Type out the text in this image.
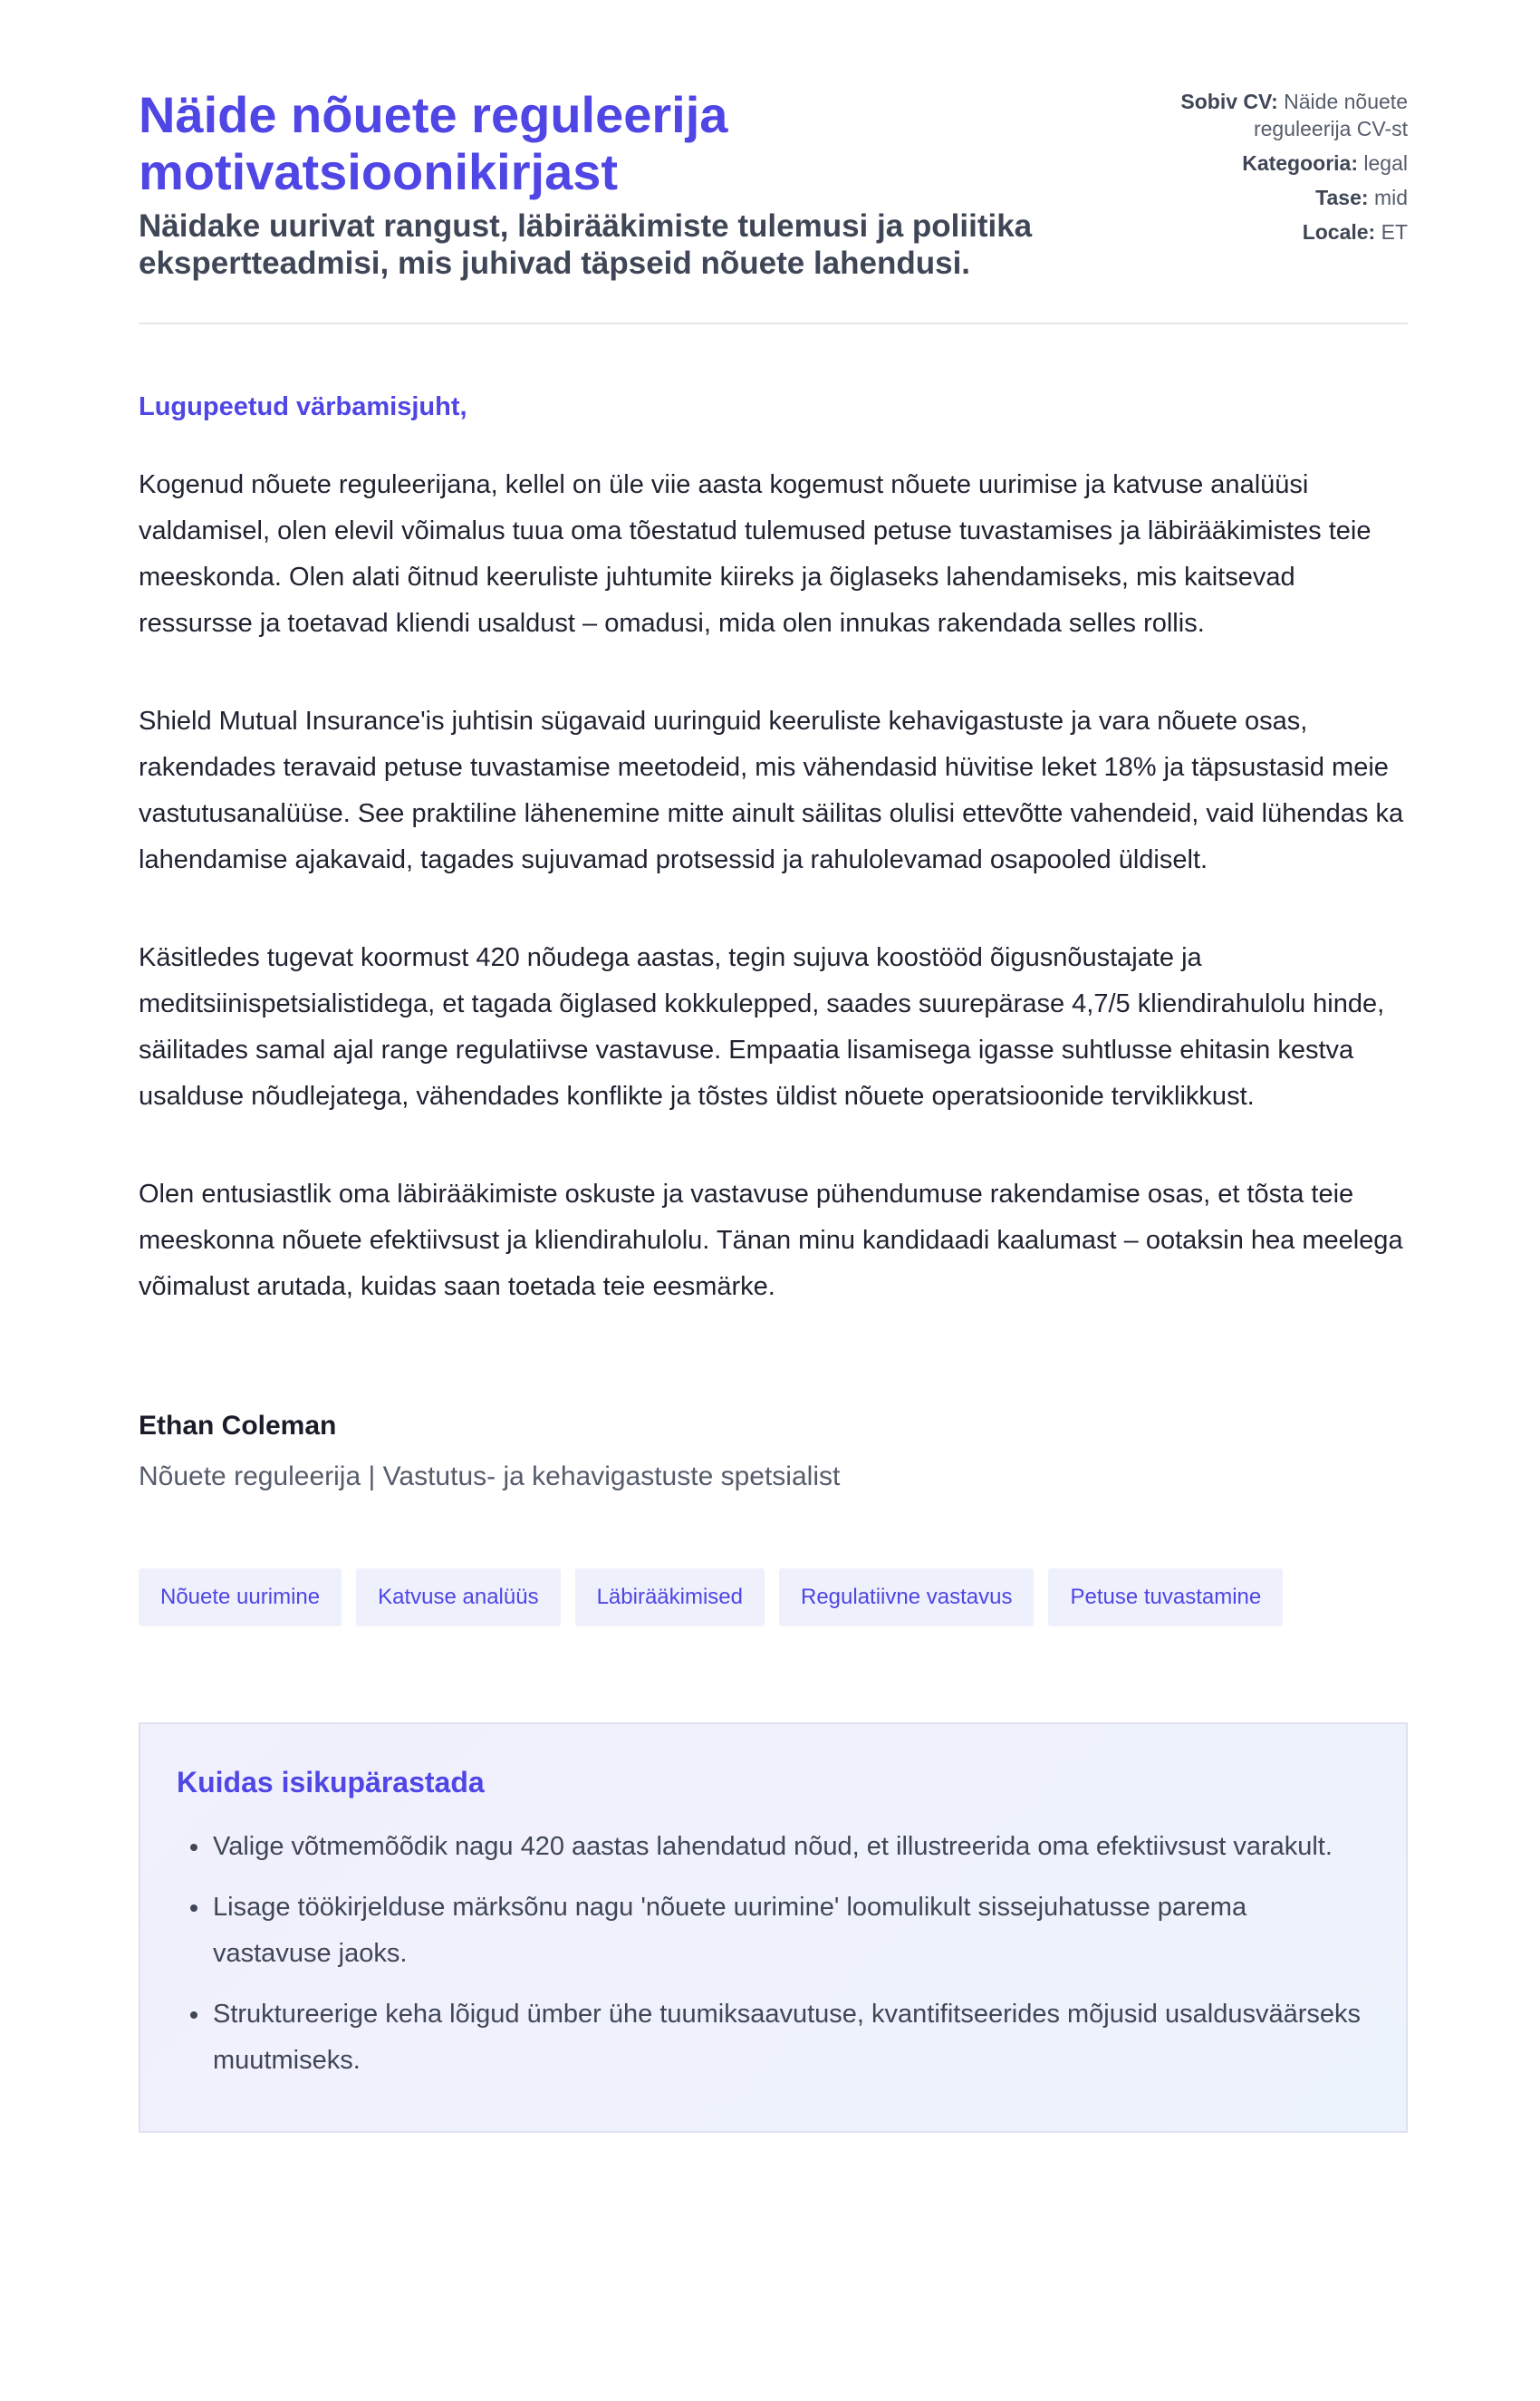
Näide nõuete reguleerija motivatsioonikirjast

Näidake uurivat rangust, läbirääkimiste tulemusi ja poliitika ekspertteadmisi, mis juhivad täpseid nõuete lahendusi.

Sobiv CV: Näide nõuete reguleerija CV-st
Kategooria: legal
Tase: mid
Locale: ET

Lugupeetud värbamisjuht,

Kogenud nõuete reguleerijana, kellel on üle viie aasta kogemust nõuete uurimise ja katvuse analüüsi valdamisel, olen elevil võimalus tuua oma tõestatud tulemused petuse tuvastamises ja läbirääkimistes teie meeskonda. Olen alati õitnud keeruliste juhtumite kiireks ja õiglaseks lahendamiseks, mis kaitsevad ressursse ja toetavad kliendi usaldust – omadusi, mida olen innukas rakendada selles rollis.

Shield Mutual Insurance'is juhtisin sügavaid uuringuid keeruliste kehavigastuste ja vara nõuete osas, rakendades teravaid petuse tuvastamise meetodeid, mis vähendasid hüvitise leket 18% ja täpsustasid meie vastutusanalüüse. See praktiline lähenemine mitte ainult säilitas olulisi ettevõtte vahendeid, vaid lühendas ka lahendamise ajakavaid, tagades sujuvamad protsessid ja rahulolevamad osapooled üldiselt.

Käsitledes tugevat koormust 420 nõudega aastas, tegin sujuva koostööd õigusnõustajate ja meditsiinispetsialistidega, et tagada õiglased kokkulepped, saades suurepärase 4,7/5 kliendirahulolu hinde, säilitades samal ajal range regulatiivse vastavuse. Empaatia lisamisega igasse suhtlusse ehitasin kestva usalduse nõudlejatega, vähendades konflikte ja tõstes üldist nõuete operatsioonide terviklikkust.

Olen entusiastlik oma läbirääkimiste oskuste ja vastavuse pühendumuse rakendamise osas, et tõsta teie meeskonna nõuete efektiivsust ja kliendirahulolu. Tänan minu kandidaadi kaalumast – ootaksin hea meelega võimalust arutada, kuidas saan toetada teie eesmärke.

Ethan Coleman
Nõuete reguleerija | Vastutus- ja kehavigastuste spetsialist
Nõuete uurimine	Katvuse analüüs	Läbirääkimised	Regulatiivne vastavus	Petuse tuvastamine
Kuidas isikupärastada
• Valige võtmemõõdik nagu 420 aastas lahendatud nõud, et illustreerida oma efektiivsust varakult.
• Lisage töökirjelduse märksõnu nagu 'nõuete uurimine' loomulikult sissejuhatusse parema vastavuse jaoks.
• Struktureerige keha lõigud ümber ühe tuumiksaavutuse, kvantifitseerides mõjusid usaldusväärseks muutmiseks.
